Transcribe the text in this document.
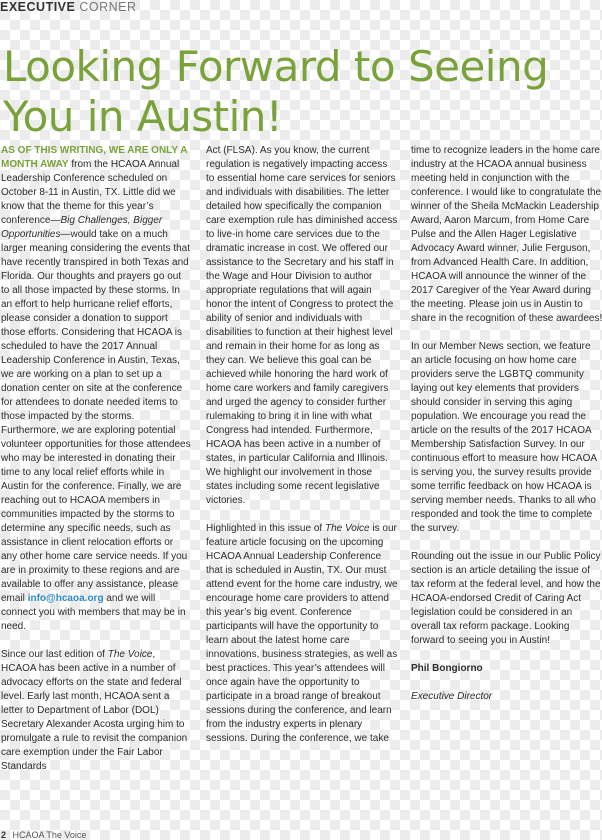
EXECUTIVE CORNER
Looking Forward to Seeing You in Austin!

AS OF THIS WRITING, WE ARE ONLY A MONTH AWAY from the HCAOA Annual Leadership Conference scheduled on October 8-11 in Austin, TX. Little did we know that the theme for this year’s conference—Big Challenges, Bigger Opportunities—would take on a much larger meaning considering the events that have recently transpired in both Texas and Florida. Our thoughts and prayers go out to all those impacted by these storms. In an effort to help hurricane relief efforts, please consider a donation to support those efforts. Considering that HCAOA is scheduled to have the 2017 Annual Leadership Conference in Austin, Texas, we are working on a plan to set up a donation center on site at the conference for attendees to donate needed items to those impacted by the storms. Furthermore, we are exploring potential volunteer opportunities for those attendees who may be interested in donating their time to any local relief efforts while in Austin for the conference. Finally, we are reaching out to HCAOA members in communities impacted by the storms to determine any specific needs, such as assistance in client relocation efforts or any other home care service needs. If you are in proximity to these regions and are available to offer any assistance, please email info@hcaoa.org and we will connect you with members that may be in need.

Since our last edition of The Voice, HCAOA has been active in a number of advocacy efforts on the state and federal level. Early last month, HCAOA sent a letter to Department of Labor (DOL) Secretary Alexander Acosta urging him to promulgate a rule to revisit the companion care exemption under the Fair Labor Standards

Act (FLSA). As you know, the current regulation is negatively impacting access to essential home care services for seniors and individuals with disabilities. The letter detailed how specifically the companion care exemption rule has diminished access to live-in home care services due to the dramatic increase in cost. We offered our assistance to the Secretary and his staff in the Wage and Hour Division to author appropriate regulations that will again honor the intent of Congress to protect the ability of senior and individuals with disabilities to function at their highest level and remain in their home for as long as they can. We believe this goal can be achieved while honoring the hard work of home care workers and family caregivers and urged the agency to consider further rulemaking to bring it in line with what Congress had intended. Furthermore, HCAOA has been active in a number of states, in particular California and Illinois. We highlight our involvement in those states including some recent legislative victories.

Highlighted in this issue of The Voice is our feature article focusing on the upcoming HCAOA Annual Leadership Conference that is scheduled in Austin, TX. Our must attend event for the home care industry, we encourage home care providers to attend this year’s big event. Conference participants will have the opportunity to learn about the latest home care innovations, business strategies, as well as best practices. This year’s attendees will once again have the opportunity to participate in a broad range of breakout sessions during the conference, and learn from the industry experts in plenary sessions. During the conference, we take

time to recognize leaders in the home care industry at the HCAOA annual business meeting held in conjunction with the conference. I would like to congratulate the winner of the Sheila McMackin Leadership Award, Aaron Marcum, from Home Care Pulse and the Allen Hager Legislative Advocacy Award winner, Julie Ferguson, from Advanced Health Care. In addition, HCAOA will announce the winner of the 2017 Caregiver of the Year Award during the meeting. Please join us in Austin to share in the recognition of these awardees!

In our Member News section, we feature an article focusing on how home care providers serve the LGBTQ community laying out key elements that providers should consider in serving this aging population. We encourage you read the article on the results of the 2017 HCAOA Membership Satisfaction Survey. In our continuous effort to measure how HCAOA is serving you, the survey results provide some terrific feedback on how HCAOA is serving member needs. Thanks to all who responded and took the time to complete the survey.

Rounding out the issue in our Public Policy section is an article detailing the issue of tax reform at the federal level, and how the HCAOA-endorsed Credit of Caring Act legislation could be considered in an overall tax reform package. Looking forward to seeing you in Austin!

Phil Bongiorno

Executive Director

2 HCAOA The Voice
